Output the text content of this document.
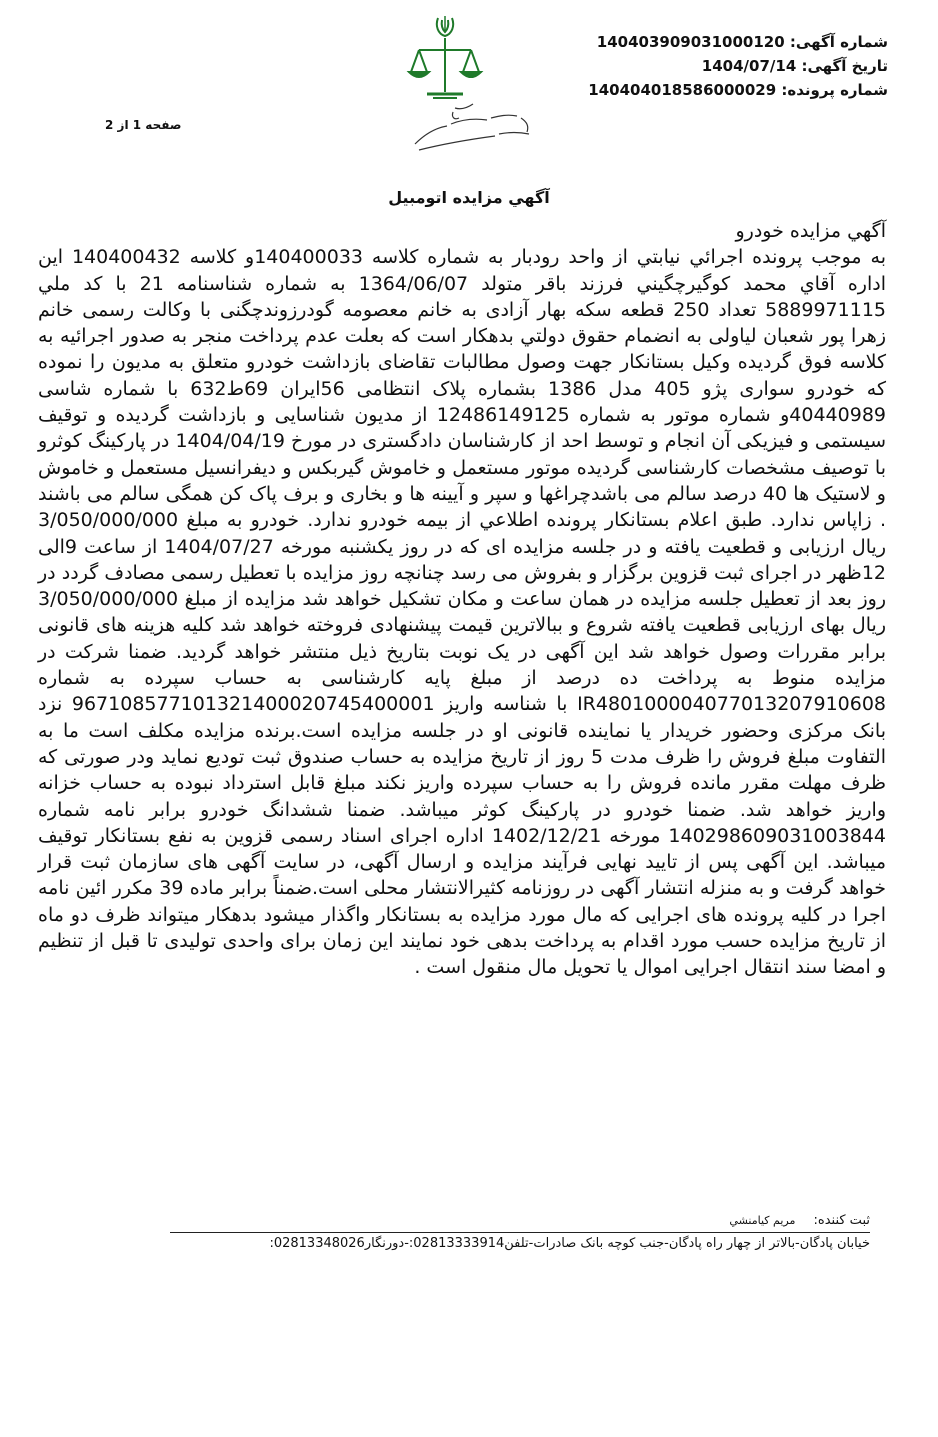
شماره آگهی: 140403909031000120
تاریخ آگهی: 1404/07/14
شماره پرونده: 140404018586000029
صفحه 1 از 2
آگهي مزايده اتومبيل
آگهي مزايده خودرو
به موجب پرونده اجرائي نيابتي از واحد رودبار به شماره كلاسه 140400033و كلاسه 140400432 اين اداره آقاي محمد كوگيرچگيني فرزند باقر متولد 1364/06/07 به شماره شناسنامه 21 با كد ملي 5889971115 تعداد 250 قطعه سكه بهار آزادی به خانم معصومه گودرزوندچگنی با وكالت رسمی خانم زهرا پور شعبان لیاولی به انضمام حقوق دولتي بدهكار است كه بعلت عدم پرداخت منجر به صدور اجرائيه به كلاسه فوق گرديده وكيل بستانكار جهت وصول مطالبات تقاضای بازداشت خودرو متعلق به مديون را نموده كه خودرو سواری پژو 405 مدل 1386 بشماره پلاک انتظامی 56ايران 69ط632 با شماره شاسی 40440989و شماره موتور به شماره 12486149125 از مديون شناسایی و بازداشت گرديده و توقيف سيستمی و فيزيکی آن انجام و توسط احد از کارشناسان دادگستری در مورخ 1404/04/19 در پارکينگ كوثرو با توصيف مشخصات کارشناسی گرديده موتور مستعمل و خاموش گيربکس و ديفرانسيل مستعمل و خاموش و لاستيک ها 40 درصد سالم می باشدچراغها و سپر و آيينه ها و بخاری و برف پاک کن همگی سالم می باشند . زاپاس ندارد. طبق اعلام بستانكار پرونده اطلاعي از بيمه خودرو ندارد. خودرو به مبلغ 3/050/000/000 ريال ارزيابی و قطعيت يافته و در جلسه مزايده ای كه در روز يکشنبه مورخه 1404/07/27 از ساعت 9الی 12ظهر در اجرای ثبت قزوين برگزار و بفروش می رسد چنانچه روز مزايده با تعطيل رسمی مصادف گردد در روز بعد از تعطيل جلسه مزايده در همان ساعت و مكان تشكيل خواهد شد مزايده از مبلغ 3/050/000/000 ريال بهای ارزيابی قطعيت يافته شروع و ببالاترين قيمت پيشنهادی فروخته خواهد شد كليه هزينه های قانونی برابر مقررات وصول خواهد شد اين آگهی در يک نوبت بتاريخ ذيل منتشر خواهد گرديد. ضمنا شرکت در مزايده منوط به پرداخت ده درصد از مبلغ پايه کارشناسی به حساب سپرده به شماره IR480100004077013207910608 با شناسه واريز 967108577101321400020745400001 نزد بانک مرکزی وحضور خريدار يا نماينده قانونی او در جلسه مزايده است.برنده مزايده مکلف است ما به التفاوت مبلغ فروش را ظرف مدت 5 روز از تاريخ مزايده به حساب صندوق ثبت توديع نمايد ودر صورتی كه ظرف مهلت مقرر مانده فروش را به حساب سپرده واريز نکند مبلغ قابل استرداد نبوده به حساب خزانه واريز خواهد شد. ضمنا خودرو در پارکينگ کوثر ميباشد. ضمنا ششدانگ خودرو برابر نامه شماره 140298609031003844 مورخه 1402/12/21 اداره اجرای اسناد رسمی قزوين به نفع بستانكار توقيف ميباشد. اين آگهی پس از تاييد نهايی فرآيند مزايده و ارسال آگهی، در سايت آگهی های سازمان ثبت قرار خواهد گرفت و به منزله انتشار آگهی در روزنامه كثيرالانتشار محلی است.ضمناً برابر ماده 39 مکرر ائين نامه اجرا در کليه پرونده های اجرايی که مال مورد مزايده به بستانکار واگذار ميشود بدهکار ميتواند ظرف دو ماه از تاريخ مزايده حسب مورد اقدام به پرداخت بدهی خود نمايند اين زمان برای واحدی توليدی تا قبل از تنظيم و امضا سند انتقال اجرايی اموال يا تحويل مال منقول است .
ثبت کننده: مريم كيامنشي
خيابان پادگان-بالاتر از چهار راه پادگان-جنب کوچه بانک صادرات-تلفن02813333914:-دورنگار02813348026:
